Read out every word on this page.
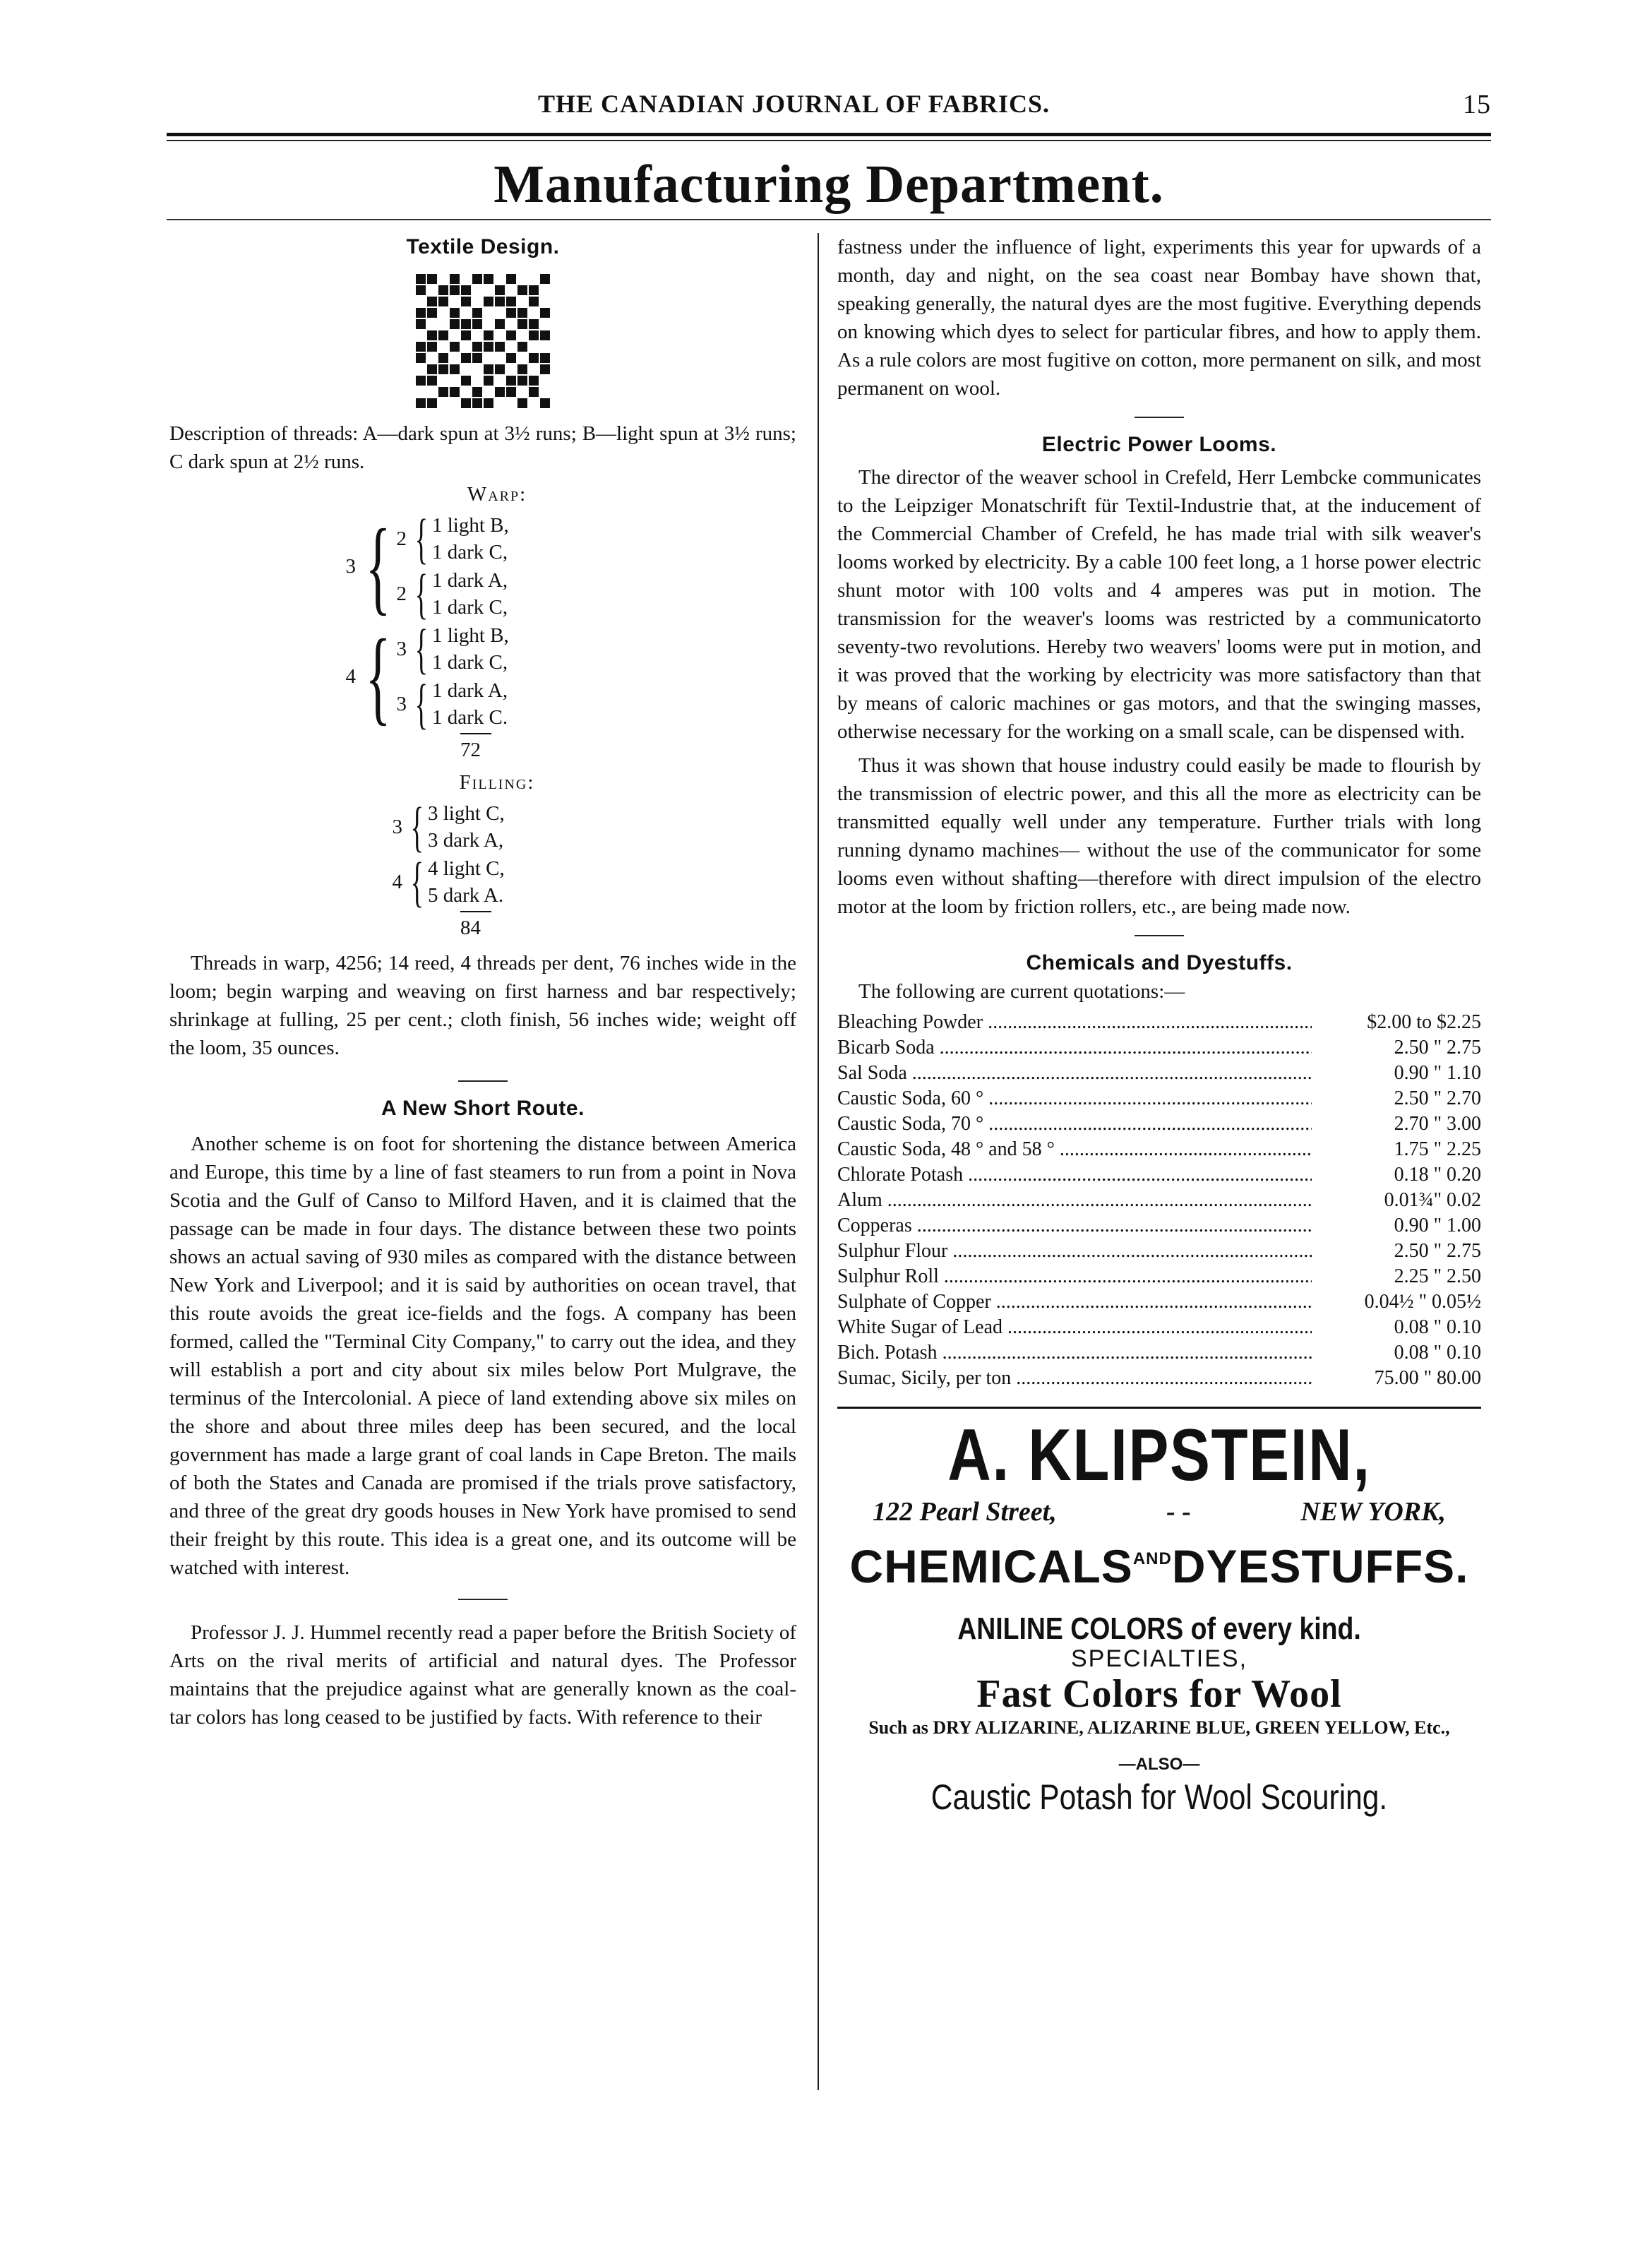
THE CANADIAN JOURNAL OF FABRICS.	15
Manufacturing Department.
Textile Design.

Description of threads: A—dark spun at 3½ runs; B—light spun at 3½ runs; C dark spun at 2½ runs.

Warp:
3 { 2 { 1 light B,
1 dark C,
2 { 1 dark A,
1 dark C,
4 { 3 { 1 light B,
1 dark C,
3 { 1 dark A,
1 dark C.
72
Filling:
3 { 3 light C,
3 dark A,
4 { 4 light C,
5 dark A.
84

Threads in warp, 4256; 14 reed, 4 threads per dent, 76 inches wide in the loom; begin warping and weaving on first harness and bar respectively; shrinkage at fulling, 25 per cent.; cloth finish, 56 inches wide; weight off the loom, 35 ounces.

A New Short Route.

Another scheme is on foot for shortening the distance between America and Europe, this time by a line of fast steamers to run from a point in Nova Scotia and the Gulf of Canso to Milford Haven, and it is claimed that the passage can be made in four days. The distance between these two points shows an actual saving of 930 miles as compared with the distance between New York and Liverpool; and it is said by authorities on ocean travel, that this route avoids the great ice-fields and the fogs. A company has been formed, called the "Terminal City Company," to carry out the idea, and they will establish a port and city about six miles below Port Mulgrave, the terminus of the Intercolonial. A piece of land extending above six miles on the shore and about three miles deep has been secured, and the local government has made a large grant of coal lands in Cape Breton. The mails of both the States and Canada are promised if the trials prove satisfactory, and three of the great dry goods houses in New York have promised to send their freight by this route. This idea is a great one, and its outcome will be watched with interest.

Professor J. J. Hummel recently read a paper before the British Society of Arts on the rival merits of artificial and natural dyes. The Professor maintains that the prejudice against what are generally known as the coal-tar colors has long ceased to be justified by facts. With reference to their

fastness under the influence of light, experiments this year for upwards of a month, day and night, on the sea coast near Bombay have shown that, speaking generally, the natural dyes are the most fugitive. Everything depends on knowing which dyes to select for particular fibres, and how to apply them. As a rule colors are most fugitive on cotton, more permanent on silk, and most permanent on wool.

Electric Power Looms.

The director of the weaver school in Crefeld, Herr Lembcke communicates to the Leipziger Monatschrift für Textil-Industrie that, at the inducement of the Commercial Chamber of Crefeld, he has made trial with silk weaver's looms worked by electricity. By a cable 100 feet long, a 1 horse power electric shunt motor with 100 volts and 4 amperes was put in motion. The transmission for the weaver's looms was restricted by a communicatorto seventy-two revolutions. Hereby two weavers' looms were put in motion, and it was proved that the working by electricity was more satisfactory than that by means of caloric machines or gas motors, and that the swinging masses, otherwise necessary for the working on a small scale, can be dispensed with.

Thus it was shown that house industry could easily be made to flourish by the transmission of electric power, and this all the more as electricity can be transmitted equally well under any temperature. Further trials with long running dynamo machines— without the use of the communicator for some looms even without shafting—therefore with direct impulsion of the electro motor at the loom by friction rollers, etc., are being made now.

Chemicals and Dyestuffs.

The following are current quotations:—

Bleaching Powder .....	$2.00 to $2.25
Bicarb Soda .....	2.50 " 2.75
Sal Soda .....	0.90 " 1.10
Caustic Soda, 60 ° .....	2.50 " 2.70
Caustic Soda, 70 ° .....	2.70 " 3.00
Caustic Soda, 48 ° and 58 ° .....	1.75 " 2.25
Chlorate Potash .....	0.18 " 0.20
Alum .....	0.01¾" 0.02
Copperas .....	0.90 " 1.00
Sulphur Flour .....	2.50 " 2.75
Sulphur Roll .....	2.25 " 2.50
Sulphate of Copper .....	0.04½ " 0.05½
White Sugar of Lead .....	0.08 " 0.10
Bich. Potash .....	0.08 " 0.10
Sumac, Sicily, per ton .....	75.00 " 80.00
A. KLIPSTEIN,
122 Pearl Street,	- -	NEW YORK,
$CHEMICALS^{AND}DYESTUFFS$.
ANILINE COLORS of every kind.
SPECIALTIES,
Fast Colors for Wool
Such as DRY ALIZARINE, ALIZARINE BLUE, GREEN YELLOW, Etc.,
—ALSO—
Caustic Potash for Wool Scouring.
